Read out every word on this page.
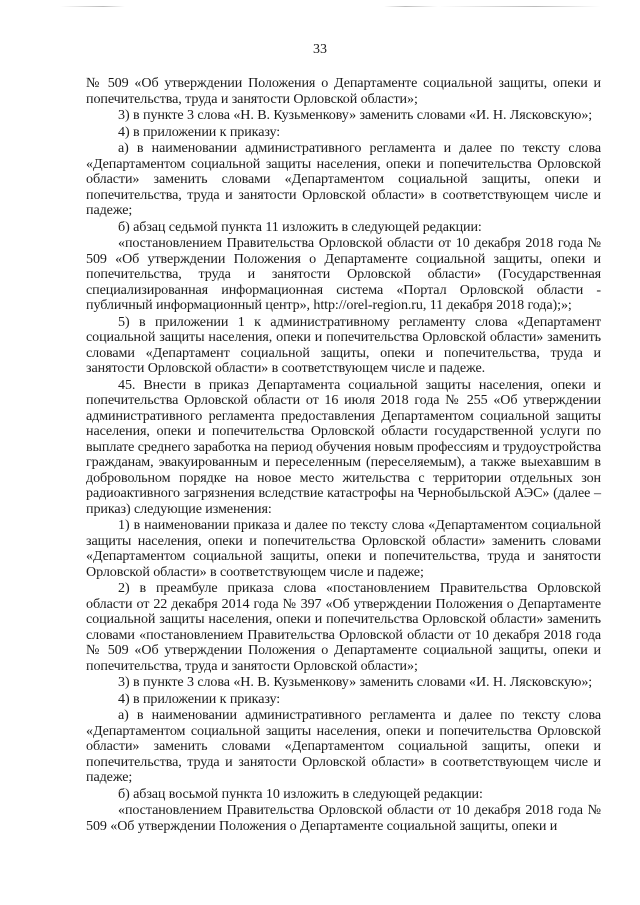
33

№ 509 «Об утверждении Положения о Департаменте социальной защиты, опеки и попечительства, труда и занятости Орловской области»;

3) в пункте 3 слова «Н. В. Кузьменкову» заменить словами «И. Н. Лясковскую»;

4) в приложении к приказу:

а) в наименовании административного регламента и далее по тексту слова «Департаментом социальной защиты населения, опеки и попечительства Орловской области» заменить словами «Департаментом социальной защиты, опеки и попечительства, труда и занятости Орловской области» в соответствующем числе и падеже;

б) абзац седьмой пункта 11 изложить в следующей редакции:

«постановлением Правительства Орловской области от 10 декабря 2018 года № 509 «Об утверждении Положения о Департаменте социальной защиты, опеки и попечительства, труда и занятости Орловской области» (Государственная специализированная информационная система «Портал Орловской области - публичный информационный центр», http://orel-region.ru, 11 декабря 2018 года);»;

5) в приложении 1 к административному регламенту слова «Департамент социальной защиты населения, опеки и попечительства Орловской области» заменить словами «Департамент социальной защиты, опеки и попечительства, труда и занятости Орловской области» в соответствующем числе и падеже.

45. Внести в приказ Департамента социальной защиты населения, опеки и попечительства Орловской области от 16 июля 2018 года № 255 «Об утверждении административного регламента предоставления Департаментом социальной защиты населения, опеки и попечительства Орловской области государственной услуги по выплате среднего заработка на период обучения новым профессиям и трудоустройства гражданам, эвакуированным и переселенным (переселяемым), а также выехавшим в добровольном порядке на новое место жительства с территории отдельных зон радиоактивного загрязнения вследствие катастрофы на Чернобыльской АЭС» (далее – приказ) следующие изменения:

1) в наименовании приказа и далее по тексту слова «Департаментом социальной защиты населения, опеки и попечительства Орловской области» заменить словами «Департаментом социальной защиты, опеки и попечительства, труда и занятости Орловской области» в соответствующем числе и падеже;

2) в преамбуле приказа слова «постановлением Правительства Орловской области от 22 декабря 2014 года № 397 «Об утверждении Положения о Департаменте социальной защиты населения, опеки и попечительства Орловской области» заменить словами «постановлением Правительства Орловской области от 10 декабря 2018 года № 509 «Об утверждении Положения о Департаменте социальной защиты, опеки и попечительства, труда и занятости Орловской области»;

3) в пункте 3 слова «Н. В. Кузьменкову» заменить словами «И. Н. Лясковскую»;

4) в приложении к приказу:

а) в наименовании административного регламента и далее по тексту слова «Департаментом социальной защиты населения, опеки и попечительства Орловской области» заменить словами «Департаментом социальной защиты, опеки и попечительства, труда и занятости Орловской области» в соответствующем числе и падеже;

б) абзац восьмой пункта 10 изложить в следующей редакции:

«постановлением Правительства Орловской области от 10 декабря 2018 года № 509 «Об утверждении Положения о Департаменте социальной защиты, опеки и
